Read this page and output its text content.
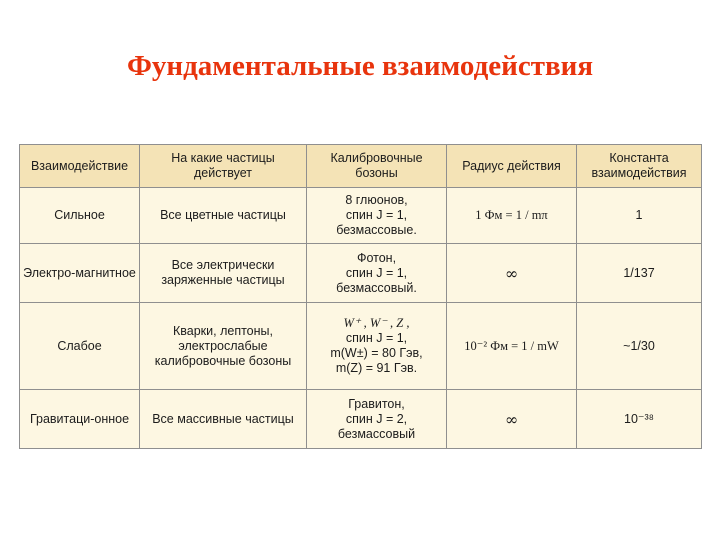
Фундаментальные взаимодействия
Взаимодействие	На какие частицы действует	Калибровочные бозоны	Радиус действия	Константа взаимодействия
Сильное	Все цветные частицы	8 глюонов,
спин J = 1,
безмассовые.	1 Фм = 1 / mπ	1
Электро-магнитное	Все электрически заряженные частицы	Фотон,
спин J = 1,
безмассовый.	∞	1/137
Слабое	Кварки, лептоны, электрослабые калибровочные бозоны	W⁺ , W⁻ , Z ,
спин J = 1,
m(W±) = 80 Гэв,
m(Z) = 91 Гэв.	10⁻² Фм = 1 / mW	~1/30
Гравитаци-онное	Все массивные частицы	Гравитон,
спин J = 2,
безмассовый	∞	10⁻³⁸
